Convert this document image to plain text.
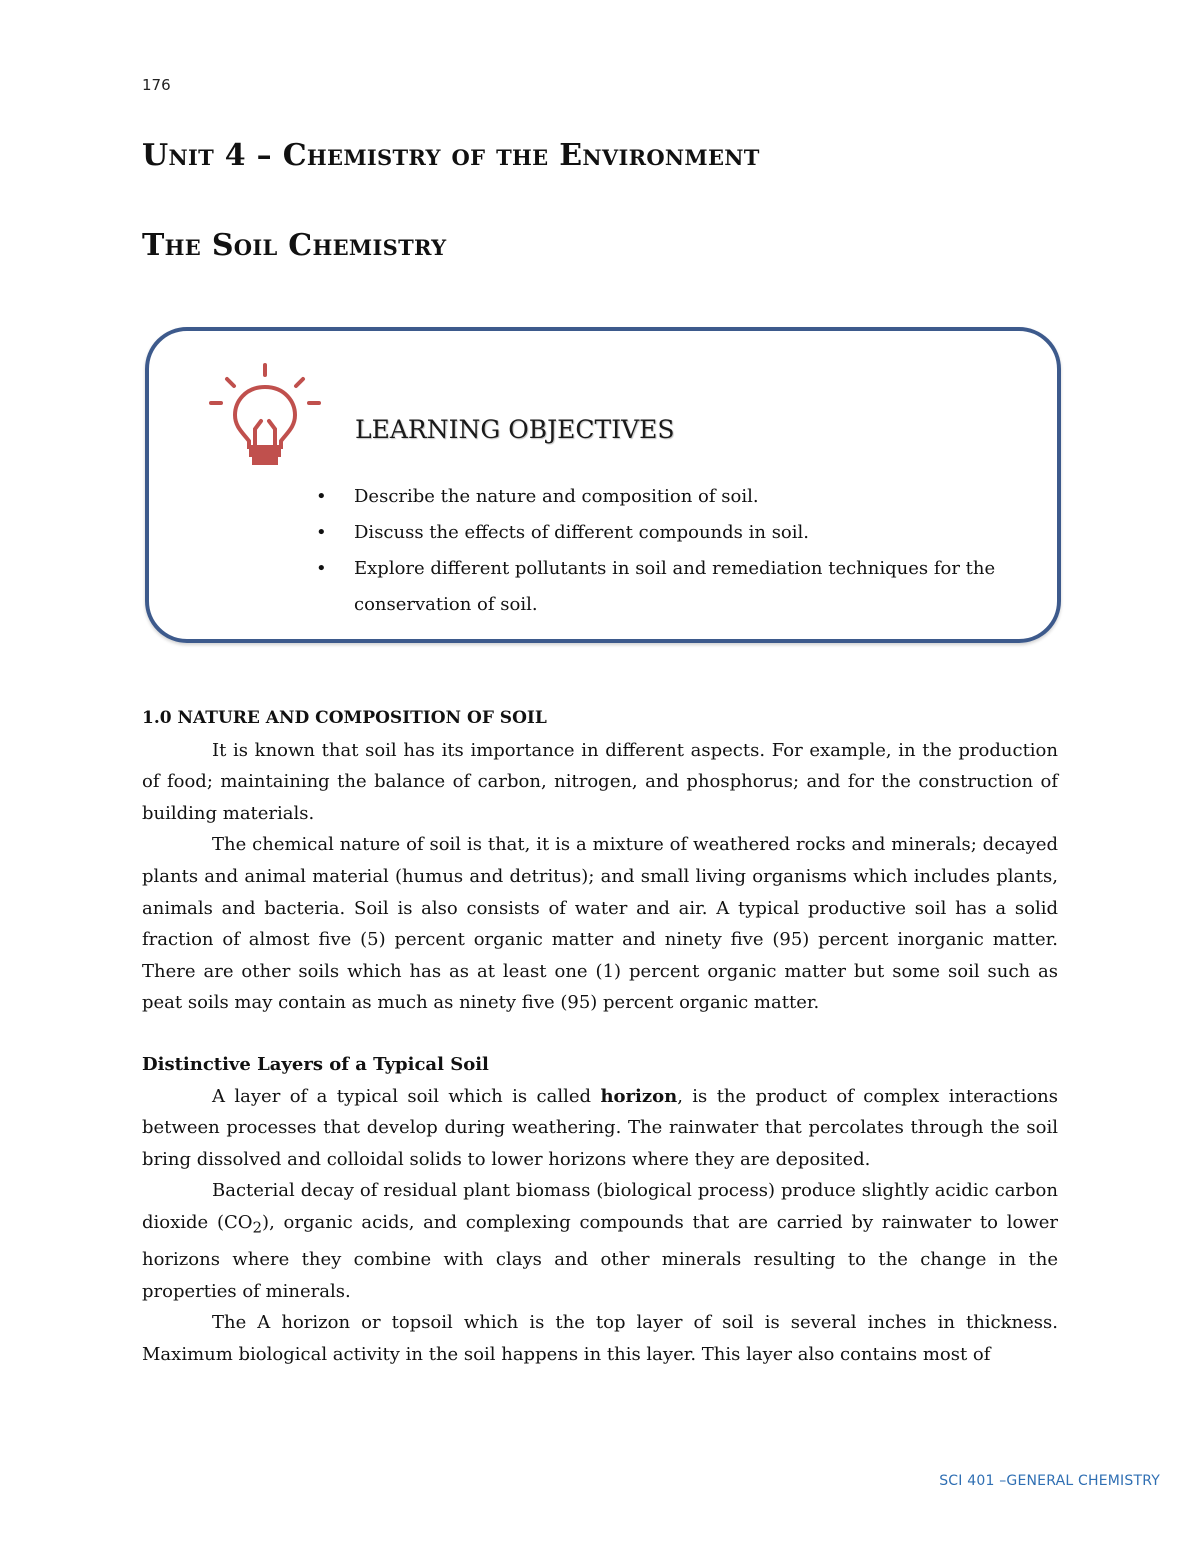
176
Unit 4 – Chemistry of the Environment
The Soil Chemistry
LEARNING OBJECTIVES
• Describe the nature and composition of soil.
• Discuss the effects of different compounds in soil.
• Explore different pollutants in soil and remediation techniques for the conservation of soil.

1.0 NATURE AND COMPOSITION OF SOIL

It is known that soil has its importance in different aspects. For example, in the production of food; maintaining the balance of carbon, nitrogen, and phosphorus; and for the construction of building materials.

The chemical nature of soil is that, it is a mixture of weathered rocks and minerals; decayed plants and animal material (humus and detritus); and small living organisms which includes plants, animals and bacteria. Soil is also consists of water and air. A typical productive soil has a solid fraction of almost five (5) percent organic matter and ninety five (95) percent inorganic matter. There are other soils which has as at least one (1) percent organic matter but some soil such as peat soils may contain as much as ninety five (95) percent organic matter.

Distinctive Layers of a Typical Soil

A layer of a typical soil which is called horizon, is the product of complex interactions between processes that develop during weathering. The rainwater that percolates through the soil bring dissolved and colloidal solids to lower horizons where they are deposited.

Bacterial decay of residual plant biomass (biological process) produce slightly acidic carbon dioxide $(CO_2)$, organic acids, and complexing compounds that are carried by rainwater to lower horizons where they combine with clays and other minerals resulting to the change in the properties of minerals.

The A horizon or topsoil which is the top layer of soil is several inches in thickness. Maximum biological activity in the soil happens in this layer. This layer also contains most of

SCI 401 –GENERAL CHEMISTRY
